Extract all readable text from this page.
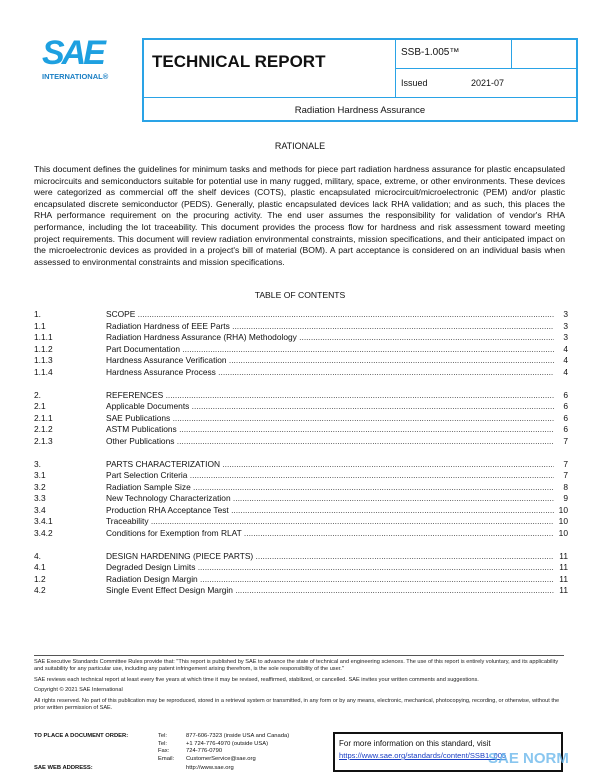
SAE
INTERNATIONAL®
TECHNICAL REPORT	SSB-1.005™
Issued	2021-07
Radiation Hardness Assurance
RATIONALE

This document defines the guidelines for minimum tasks and methods for piece part radiation hardness assurance for plastic encapsulated microcircuits and semiconductors suitable for potential use in many rugged, military, space, extreme, or other environments. These devices were categorized as commercial off the shelf devices (COTS), plastic encapsulated microcircuit/microelectronic (PEM) and/or plastic encapsulated discrete semiconductor (PEDS). Generally, plastic encapsulated devices lack RHA validation; and as such, this places the RHA performance requirement on the procuring activity. The end user assumes the responsibility for validation of vendor's RHA performance, including the lot traceability. This document provides the process flow for hardness and risk assessment toward meeting project requirements. This document will review radiation environmental constraints, mission specifications, and their anticipated impact on the microelectronic devices as provided in a project's bill of material (BOM). A part acceptance is considered on an individual basis when assessed to environmental constraints and mission specifications.

TABLE OF CONTENTS
1.	SCOPE .....	3
1.1	Radiation Hardness of EEE Parts .....	3
1.1.1	Radiation Hardness Assurance (RHA) Methodology .....	3
1.1.2	Part Documentation .....	4
1.1.3	Hardness Assurance Verification .....	4
1.1.4	Hardness Assurance Process .....	4
2.	REFERENCES .....	6
2.1	Applicable Documents .....	6
2.1.1	SAE Publications .....	6
2.1.2	ASTM Publications .....	6
2.1.3	Other Publications .....	7
3.	PARTS CHARACTERIZATION .....	7
3.1	Part Selection Criteria .....	7
3.2	Radiation Sample Size .....	8
3.3	New Technology Characterization .....	9
3.4	Production RHA Acceptance Test .....	10
3.4.1	Traceability .....	10
3.4.2	Conditions for Exemption from RLAT .....	10
4.	DESIGN HARDENING (PIECE PARTS) .....	11
4.1	Degraded Design Limits .....	11
1.2	Radiation Design Margin .....	11
4.2	Single Event Effect Design Margin .....	11

SAE Executive Standards Committee Rules provide that: "This report is published by SAE to advance the state of technical and engineering sciences. The use of this report is entirely voluntary, and its applicability and suitability for any particular use, including any patent infringement arising therefrom, is the sole responsibility of the user."

SAE reviews each technical report at least every five years at which time it may be revised, reaffirmed, stabilized, or cancelled. SAE invites your written comments and suggestions.

Copyright © 2021 SAE International

All rights reserved. No part of this publication may be reproduced, stored in a retrieval system or transmitted, in any form or by any means, electronic, mechanical, photocopying, recording, or otherwise, without the prior written permission of SAE.

TO PLACE A DOCUMENT ORDER:	Tel:	877-606-7323 (inside USA and Canada)
Tel:	+1 724-776-4970 (outside USA)
Fax:	724-776-0790
Email:	CustomerService@sae.org
SAE WEB ADDRESS:	http://www.sae.org
For more information on this standard, visit
https://www.sae.org/standards/content/SSB1_005
SAE NORM
